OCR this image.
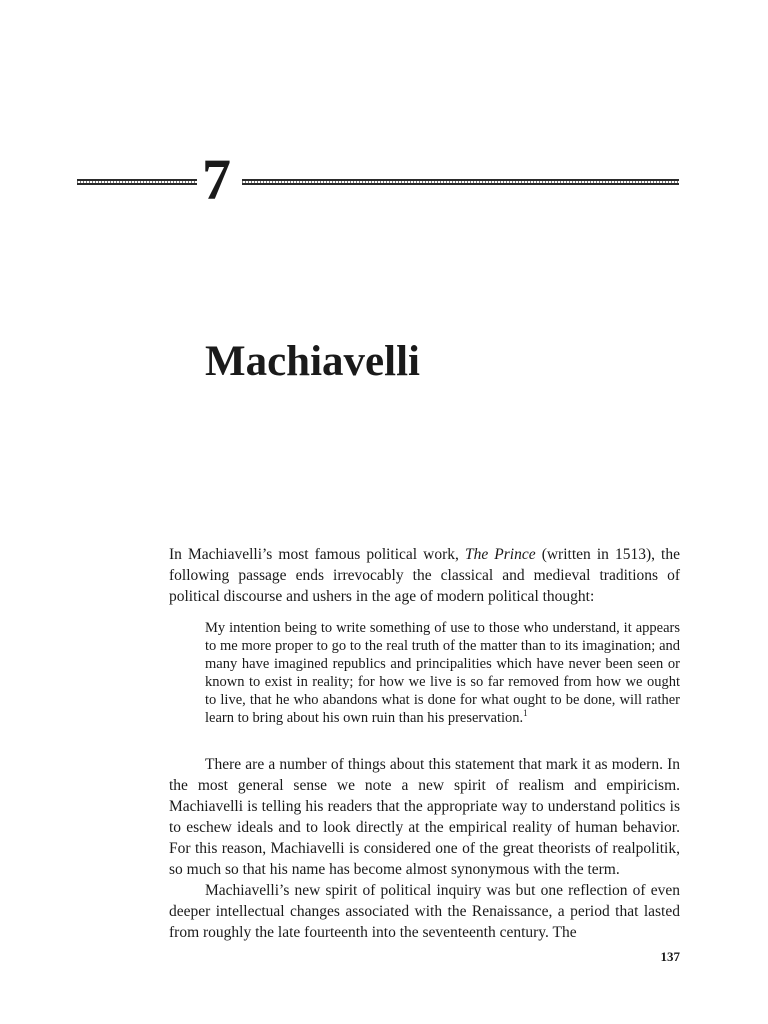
7
Machiavelli

In Machiavelli’s most famous political work, The Prince (written in 1513), the following passage ends irrevocably the classical and medieval traditions of political discourse and ushers in the age of modern political thought:

My intention being to write something of use to those who understand, it appears to me more proper to go to the real truth of the matter than to its imagination; and many have imagined republics and principalities which have never been seen or known to exist in reality; for how we live is so far removed from how we ought to live, that he who abandons what is done for what ought to be done, will rather learn to bring about his own ruin than his preservation.$^1$

There are a number of things about this statement that mark it as modern. In the most general sense we note a new spirit of realism and empiricism. Machiavelli is telling his readers that the appropriate way to understand politics is to eschew ideals and to look directly at the empirical reality of human behavior. For this reason, Machiavelli is considered one of the great theorists of realpolitik, so much so that his name has become almost synonymous with the term.

Machiavelli’s new spirit of political inquiry was but one reflection of even deeper intellectual changes associated with the Renaissance, a period that lasted from roughly the late fourteenth into the seventeenth century. The

137
